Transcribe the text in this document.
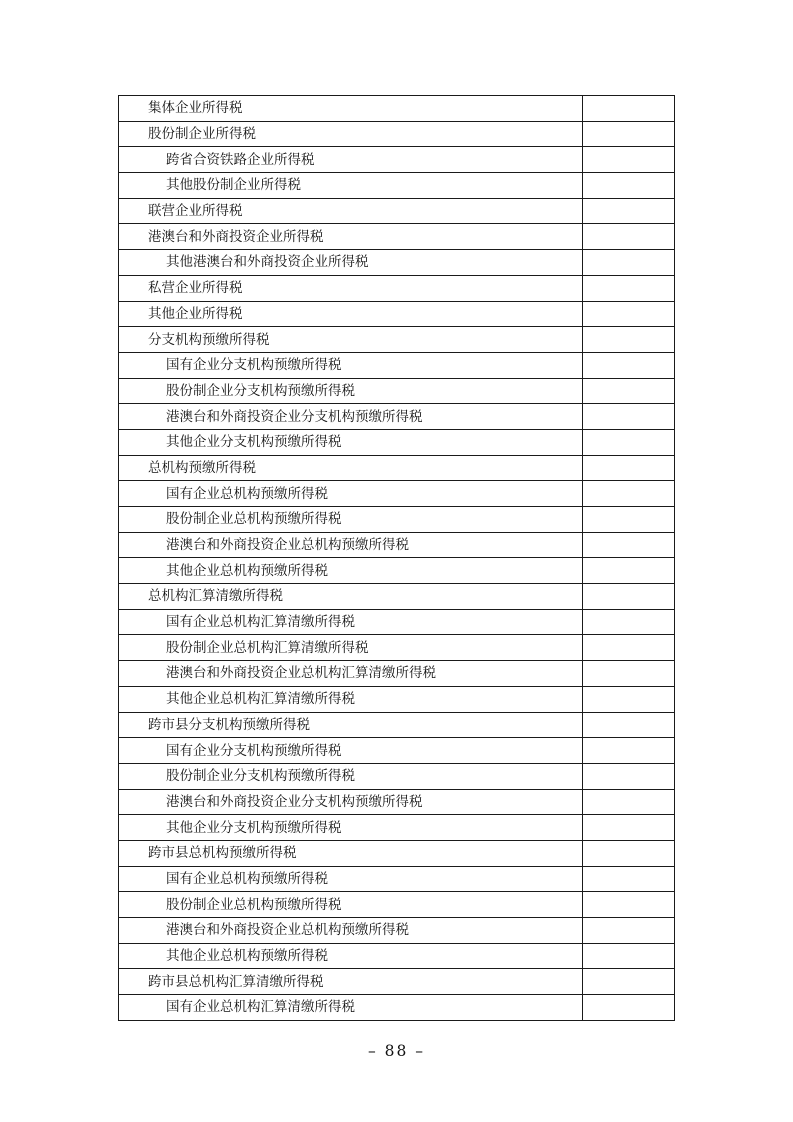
集体企业所得税	
股份制企业所得税	
跨省合资铁路企业所得税	
其他股份制企业所得税	
联营企业所得税	
港澳台和外商投资企业所得税	
其他港澳台和外商投资企业所得税	
私营企业所得税	
其他企业所得税	
分支机构预缴所得税	
国有企业分支机构预缴所得税	
股份制企业分支机构预缴所得税	
港澳台和外商投资企业分支机构预缴所得税	
其他企业分支机构预缴所得税	
总机构预缴所得税	
国有企业总机构预缴所得税	
股份制企业总机构预缴所得税	
港澳台和外商投资企业总机构预缴所得税	
其他企业总机构预缴所得税	
总机构汇算清缴所得税	
国有企业总机构汇算清缴所得税	
股份制企业总机构汇算清缴所得税	
港澳台和外商投资企业总机构汇算清缴所得税	
其他企业总机构汇算清缴所得税	
跨市县分支机构预缴所得税	
国有企业分支机构预缴所得税	
股份制企业分支机构预缴所得税	
港澳台和外商投资企业分支机构预缴所得税	
其他企业分支机构预缴所得税	
跨市县总机构预缴所得税	
国有企业总机构预缴所得税	
股份制企业总机构预缴所得税	
港澳台和外商投资企业总机构预缴所得税	
其他企业总机构预缴所得税	
跨市县总机构汇算清缴所得税	
国有企业总机构汇算清缴所得税	
– 88 –
